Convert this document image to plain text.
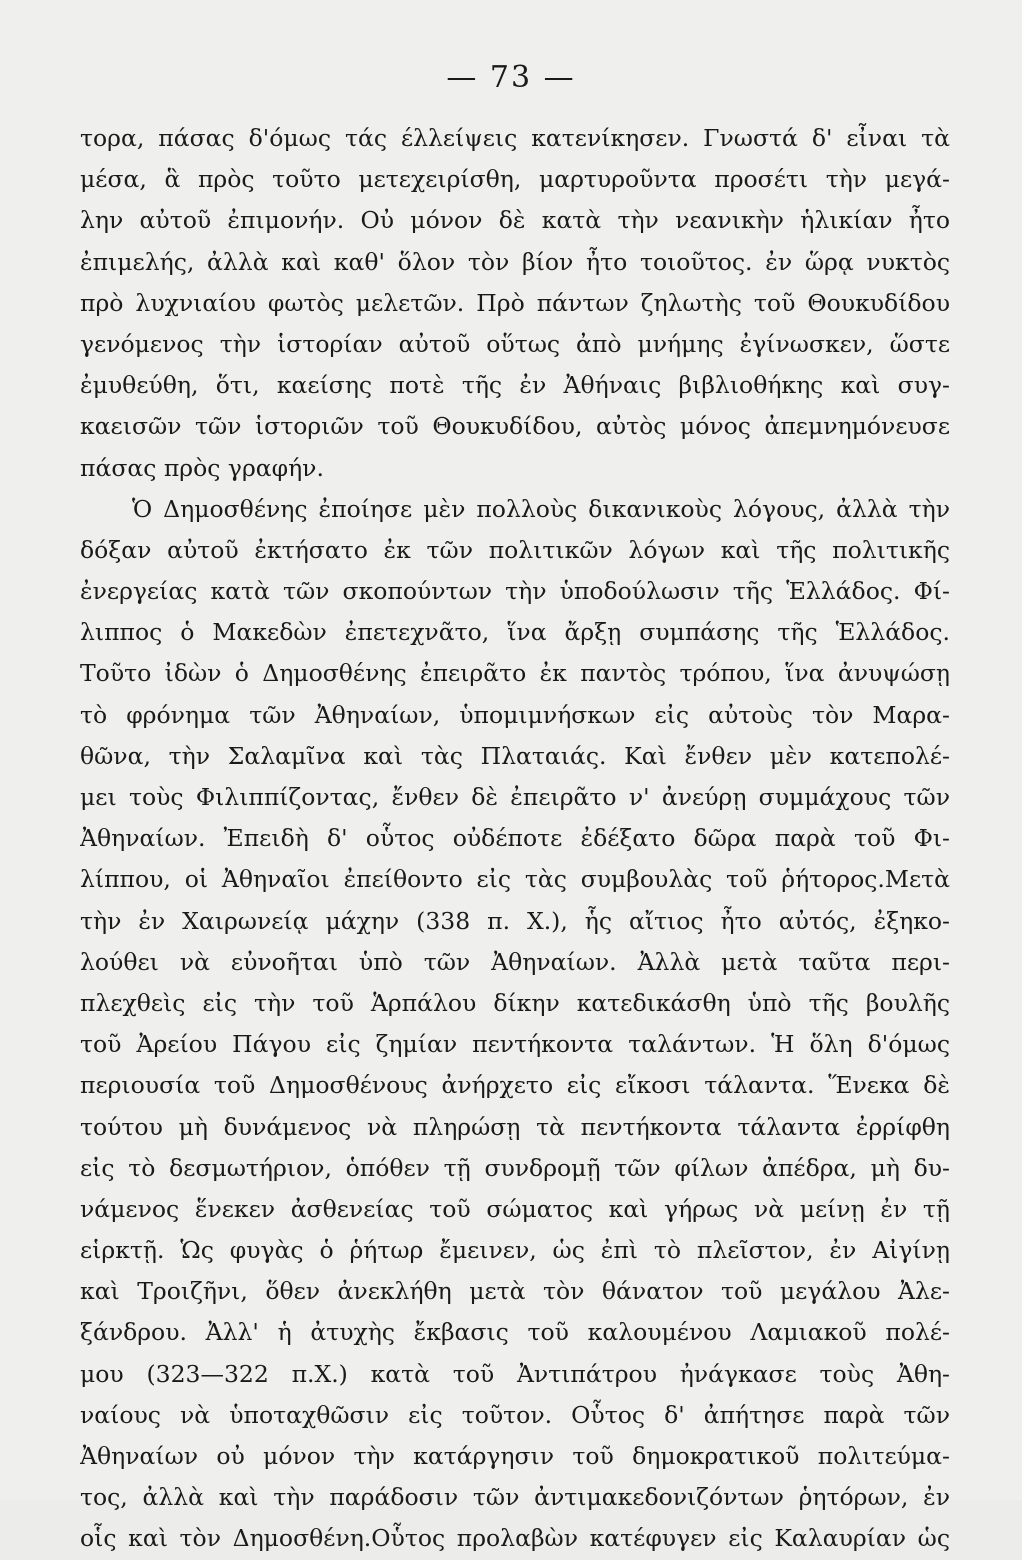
— 73 —
τορα, πάσας δ'όμως τάς έλλείψεις κατενίκησεν. Γνωστά δ' εἶναι τὰ
μέσα, ἃ πρὸς τοῦτο μετεχειρίσθη, μαρτυροῦντα προσέτι τὴν μεγά-
λην αὐτοῦ ἐπιμονήν. Οὐ μόνον δὲ κατὰ τὴν νεανικὴν ἡλικίαν ἦτο
ἐπιμελής, ἀλλὰ καὶ καθ' ὅλον τὸν βίον ἦτο τοιοῦτος. ἐν ὥρᾳ νυκτὸς
πρὸ λυχνιαίου φωτὸς μελετῶν. Πρὸ πάντων ζηλωτὴς τοῦ Θουκυδίδου
γενόμενος τὴν ἱστορίαν αὐτοῦ οὕτως ἀπὸ μνήμης ἐγίνωσκεν, ὥστε
ἐμυθεύθη, ὅτι, καείσης ποτὲ τῆς ἐν Ἀθήναις βιβλιοθήκης καὶ συγ-
καεισῶν τῶν ἱστοριῶν τοῦ Θουκυδίδου, αὐτὸς μόνος ἀπεμνημόνευσε
πάσας πρὸς γραφήν.
Ὁ Δημοσθένης ἐποίησε μὲν πολλοὺς δικανικοὺς λόγους, ἀλλὰ τὴν
δόξαν αὐτοῦ ἐκτήσατο ἐκ τῶν πολιτικῶν λόγων καὶ τῆς πολιτικῆς
ἐνεργείας κατὰ τῶν σκοπούντων τὴν ὑποδούλωσιν τῆς Ἑλλάδος. Φί-
λιππος ὁ Μακεδὼν ἐπετεχνᾶτο, ἵνα ἄρξῃ συμπάσης τῆς Ἑλλάδος.
Τοῦτο ἰδὼν ὁ Δημοσθένης ἐπειρᾶτο ἐκ παντὸς τρόπου, ἵνα ἀνυψώσῃ
τὸ φρόνημα τῶν Ἀθηναίων, ὑπομιμνήσκων εἰς αὐτοὺς τὸν Μαρα-
θῶνα, τὴν Σαλαμῖνα καὶ τὰς Πλαταιάς. Καὶ ἔνθεν μὲν κατεπολέ-
μει τοὺς Φιλιππίζοντας, ἔνθεν δὲ ἐπειρᾶτο ν' ἀνεύρῃ συμμάχους τῶν
Ἀθηναίων. Ἐπειδὴ δ' οὗτος οὐδέποτε ἐδέξατο δῶρα παρὰ τοῦ Φι-
λίππου, οἱ Ἀθηναῖοι ἐπείθοντο εἰς τὰς συμβουλὰς τοῦ ῥήτορος.Μετὰ
τὴν ἐν Χαιρωνείᾳ μάχην (338 π. Χ.), ἧς αἴτιος ἦτο αὐτός, ἐξηκο-
λούθει νὰ εὐνοῆται ὑπὸ τῶν Ἀθηναίων. Ἀλλὰ μετὰ ταῦτα περι-
πλεχθεὶς εἰς τὴν τοῦ Ἁρπάλου δίκην κατεδικάσθη ὑπὸ τῆς βουλῆς
τοῦ Ἀρείου Πάγου εἰς ζημίαν πεντήκοντα ταλάντων. Ἡ ὅλη δ'όμως
περιουσία τοῦ Δημοσθένους ἀνήρχετο εἰς εἴκοσι τάλαντα. Ἕνεκα δὲ
τούτου μὴ δυνάμενος νὰ πληρώσῃ τὰ πεντήκοντα τάλαντα ἐρρίφθη
εἰς τὸ δεσμωτήριον, ὁπόθεν τῇ συνδρομῇ τῶν φίλων ἀπέδρα, μὴ δυ-
νάμενος ἕνεκεν ἀσθενείας τοῦ σώματος καὶ γήρως νὰ μείνῃ ἐν τῇ
εἱρκτῇ. Ὡς φυγὰς ὁ ῥήτωρ ἔμεινεν, ὡς ἐπὶ τὸ πλεῖστον, ἐν Αἰγίνῃ
καὶ Τροιζῆνι, ὅθεν ἀνεκλήθη μετὰ τὸν θάνατον τοῦ μεγάλου Ἀλε-
ξάνδρου. Ἀλλ' ἡ ἀτυχὴς ἔκβασις τοῦ καλουμένου Λαμιακοῦ πολέ-
μου (323—322 π.Χ.) κατὰ τοῦ Ἀντιπάτρου ἠνάγκασε τοὺς Ἀθη-
ναίους νὰ ὑποταχθῶσιν εἰς τοῦτον. Οὗτος δ' ἀπήτησε παρὰ τῶν
Ἀθηναίων οὐ μόνον τὴν κατάργησιν τοῦ δημοκρατικοῦ πολιτεύμα-
τος, ἀλλὰ καὶ τὴν παράδοσιν τῶν ἀντιμακεδονιζόντων ῥητόρων, ἐν
οἷς καὶ τὸν Δημοσθένη.Οὗτος προλαβὼν κατέφυγεν εἰς Καλαυρίαν ὡς
